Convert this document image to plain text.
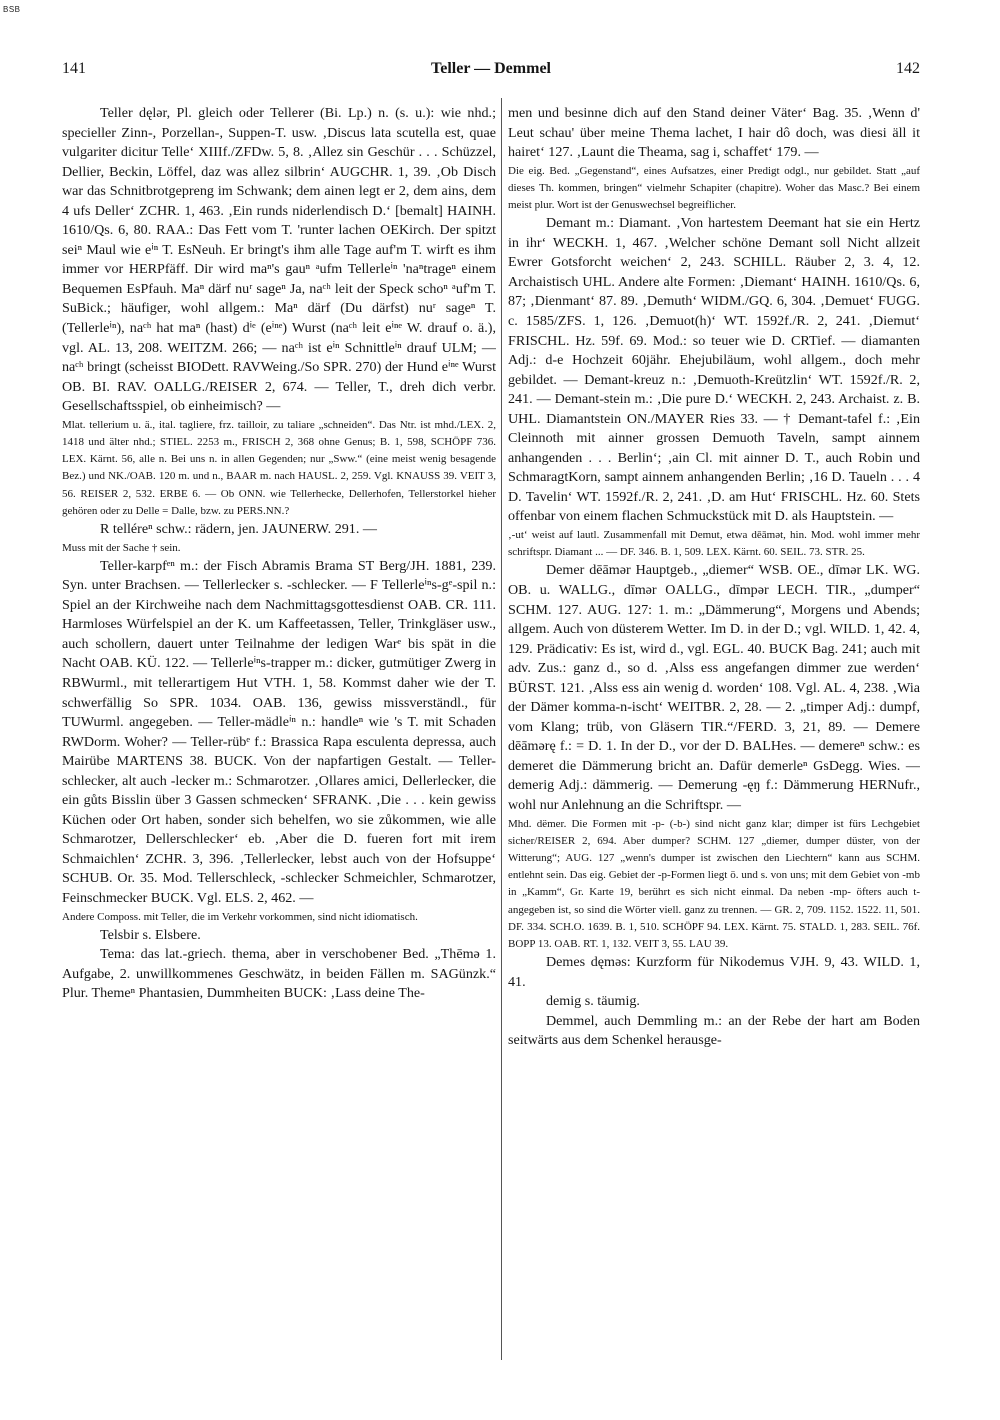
BSB
141	Teller — Demmel	142

Teller dęlər, Pl. gleich oder Tellerer (Bi. Lp.) n. (s. u.): wie nhd.; specieller Zinn-, Porzellan-, Suppen-T. usw. ‚Discus lata scutella est, quae vulgariter dicitur Telle‘ XIIIf./ZFDw. 5, 8. ‚Allez sin Geschür . . . Schüzzel, Dellier, Beckin, Löffel, daz was allez silbrin‘ AUGCHR. 1, 39. ‚Ob Disch war das Schnitbrotgepreng im Schwank; dem ainen legt er 2, dem ains, dem 4 ufs Deller‘ ZCHR. 1, 463. ‚Ein runds niderlendisch D.‘ [bemalt] HAINH. 1610/Qs. 6, 80. RAA.: Das Fett vom T. 'runter lachen OEKirch. Der spitzt seiⁿ Maul wie eⁱⁿ T. EsNeuh. Er bringt's ihm alle Tage auf'm T. wirft es ihm immer vor HERPfäff. Dir wird maⁿ's gauⁿ ᵃufm Tellerleⁱⁿ 'naⁿtrageⁿ einem Bequemen EsPfauh. Maⁿ därf nuʳ sageⁿ Ja, naᶜʰ leit der Speck schoⁿ ᵃuf'm T. SuBick.; häufiger, wohl allgem.: Maⁿ därf (Du därfst) nuʳ sageⁿ T. (Tellerleⁱⁿ), naᶜʰ hat maⁿ (hast) dⁱᵉ (eⁱⁿᵉ) Wurst (naᶜʰ leit eⁱⁿᵉ W. drauf o. ä.), vgl. AL. 13, 208. WEITZM. 266; — naᶜʰ ist eⁱⁿ Schnittleⁱⁿ drauf ULM; — naᶜʰ bringt (scheisst BIODett. RAVWeing./So SPR. 270) der Hund eⁱⁿᵉ Wurst OB. BI. RAV. OALLG./REISER 2, 674. — Teller, T., dreh dich verbr. Gesellschaftsspiel, ob einheimisch? —

Mlat. tellerium u. ä., ital. tagliere, frz. tailloir, zu taliare „schneiden“. Das Ntr. ist mhd./LEX. 2, 1418 und älter nhd.; STIEL. 2253 m., FRISCH 2, 368 ohne Genus; B. 1, 598, SCHÖPF 736. LEX. Kärnt. 56, alle n. Bei uns n. in allen Gegenden; nur „Sww.“ (eine meist wenig besagende Bez.) und NK./OAB. 120 m. und n., BAAR m. nach HAUSL. 2, 259. Vgl. KNAUSS 39. VEIT 3, 56. REISER 2, 532. ERBE 6. — Ob ONN. wie Tellerhecke, Dellerhofen, Tellerstorkel hieher gehören oder zu Delle = Dalle, bzw. zu PERS.NN.?

R telléreⁿ schw.: rädern, jen. JAUNERW. 291. —

Muss mit der Sache † sein.

Teller-karpfᵉⁿ m.: der Fisch Abramis Brama ST Berg/JH. 1881, 239. Syn. unter Brachsen. — Tellerlecker s. -schlecker. — F Tellerleⁱⁿs-gᵉ-spil n.: Spiel an der Kirchweihe nach dem Nachmittagsgottesdienst OAB. CR. 111. Harmloses Würfelspiel an der K. um Kaffeetassen, Teller, Trinkgläser usw., auch schollern, dauert unter Teilnahme der ledigen Warᵉ bis spät in die Nacht OAB. KÜ. 122. — Tellerleⁱⁿs-trapper m.: dicker, gutmütiger Zwerg in RBWurml., mit tellerartigem Hut VTH. 1, 58. Kommst daher wie der T. schwerfällig So SPR. 1034. OAB. 136, gewiss missverständl., für TUWurml. angegeben. — Teller-mädleⁱⁿ n.: handleⁿ wie 's T. mit Schaden RWDorm. Woher? — Teller-rübᵉ f.: Brassica Rapa esculenta depressa, auch Mairübe MARTENS 38. BUCK. Von der napfartigen Gestalt. — Teller-schlecker, alt auch -lecker m.: Schmarotzer. ‚Ollares amici, Dellerlecker, die ein gůts Bisslin über 3 Gassen schmecken‘ SFRANK. ‚Die . . . kein gewiss Küchen oder Ort haben, sonder sich behelfen, wo sie zůkommen, wie alle Schmarotzer, Dellerschlecker‘ eb. ‚Aber die D. fueren fort mit irem Schmaichlen‘ ZCHR. 3, 396. ‚Tellerlecker, lebst auch von der Hofsuppe‘ SCHUB. Or. 35. Mod. Tellerschleck, -schlecker Schmeichler, Schmarotzer, Feinschmecker BUCK. Vgl. ELS. 2, 462. —

Andere Composs. mit Teller, die im Verkehr vorkommen, sind nicht idiomatisch.

Telsbir s. Elsbere.

Tema: das lat.-griech. thema, aber in verschobener Bed. „Thēmə 1. Aufgabe, 2. unwillkommenes Geschwätz, in beiden Fällen m. SAGünzk.“ Plur. Themeⁿ Phantasien, Dummheiten BUCK: ‚Lass deine The-

men und besinne dich auf den Stand deiner Väter‘ Bag. 35. ‚Wenn d' Leut schau' über meine Thema lachet, I hair dô doch, was diesi äll it hairet‘ 127. ‚Launt die Theama, sag i, schaffet‘ 179. —

Die eig. Bed. „Gegenstand“, eines Aufsatzes, einer Predigt odgl., nur gebildet. Statt „auf dieses Th. kommen, bringen“ vielmehr Schapiter (chapitre). Woher das Masc.? Bei einem meist plur. Wort ist der Genuswechsel begreiflicher.

Demant m.: Diamant. ‚Von hartestem Deemant hat sie ein Hertz in ihr‘ WECKH. 1, 467. ‚Welcher schöne Demant soll Nicht allzeit Ewrer Gotsforcht weichen‘ 2, 243. SCHILL. Räuber 2, 3. 4, 12. Archaistisch UHL. Andere alte Formen: ‚Diemant‘ HAINH. 1610/Qs. 6, 87; ‚Dienmant‘ 87. 89. ‚Demuth‘ WIDM./GQ. 6, 304. ‚Demuet‘ FUGG. c. 1585/ZFS. 1, 126. ‚Demuot(h)‘ WT. 1592f./R. 2, 241. ‚Diemut‘ FRISCHL. Hz. 59f. 69. Mod.: so teuer wie D. CRTief. — diamanten Adj.: d-e Hochzeit 60jähr. Ehejubiläum, wohl allgem., doch mehr gebildet. — Demant-kreuz n.: ‚Demuoth-Kreützlin‘ WT. 1592f./R. 2, 241. — Demant-stein m.: ‚Die pure D.‘ WECKH. 2, 243. Archaist. z. B. UHL. Diamantstein ON./MAYER Ries 33. — † Demant-tafel f.: ‚Ein Cleinnoth mit ainner grossen Demuoth Taveln, sampt ainnem anhangenden . . . Berlin‘; ‚ain Cl. mit ainner D. T., auch Robin und SchmaragtKorn, sampt ainnem anhangenden Berlin; ‚16 D. Taueln . . . 4 D. Tavelin‘ WT. 1592f./R. 2, 241. ‚D. am Hut‘ FRISCHL. Hz. 60. Stets offenbar von einem flachen Schmuckstück mit D. als Hauptstein. —

‚-ut‘ weist auf lautl. Zusammenfall mit Demut, etwa dēāmət, hin. Mod. wohl immer mehr schriftspr. Diamant ... — DF. 346. B. 1, 509. LEX. Kärnt. 60. SEIL. 73. STR. 25.

Demer dēāmər Hauptgeb., „diemer“ WSB. OE., dīmər LK. WG. OB. u. WALLG., dīmər OALLG., dīmpər LECH. TIR., „dumper“ SCHM. 127. AUG. 127: 1. m.: „Dämmerung“, Morgens und Abends; allgem. Auch von düsterem Wetter. Im D. in der D.; vgl. WILD. 1, 42. 4, 129. Prädicativ: Es ist, wird d., vgl. EGL. 40. BUCK Bag. 241; auch mit adv. Zus.: ganz d., so d. ‚Alss ess angefangen dimmer zue werden‘ BÜRST. 121. ‚Alss ess ain wenig d. worden‘ 108. Vgl. AL. 4, 238. ‚Wia der Dämer komma-n-ischt‘ WEITBR. 2, 28. — 2. „timper Adj.: dumpf, vom Klang; trüb, von Gläsern TIR.“/FERD. 3, 21, 89. — Demere dēāmərę f.: = D. 1. In der D., vor der D. BALHes. — demereⁿ schw.: es demeret die Dämmerung bricht an. Dafür demerleⁿ GsDegg. Wies. — demerig Adj.: dämmerig. — Demerung -ęŋ f.: Dämmerung HERNufr., wohl nur Anlehnung an die Schriftspr. —

Mhd. dëmer. Die Formen mit -p- (-b-) sind nicht ganz klar; dimper ist fürs Lechgebiet sicher/REISER 2, 694. Aber dumper? SCHM. 127 „diemer, dumper düster, von der Witterung“; AUG. 127 „wenn's dumper ist zwischen den Liechtern“ kann aus SCHM. entlehnt sein. Das eig. Gebiet der -p-Formen liegt ö. und s. von uns; mit dem Gebiet von -mb in „Kamm“, Gr. Karte 19, berührt es sich nicht einmal. Da neben -mp- öfters auch t- angegeben ist, so sind die Wörter viell. ganz zu trennen. — GR. 2, 709. 1152. 1522. 11, 501. DF. 334. SCH.O. 1639. B. 1, 510. SCHÖPF 94. LEX. Kärnt. 75. STALD. 1, 283. SEIL. 76f. BOPP 13. OAB. RT. 1, 132. VEIT 3, 55. LAU 39.

Demes dęməs: Kurzform für Nikodemus VJH. 9, 43. WILD. 1, 41.

demig s. täumig.

Demmel, auch Demmling m.: an der Rebe der hart am Boden seitwärts aus dem Schenkel herausge-
